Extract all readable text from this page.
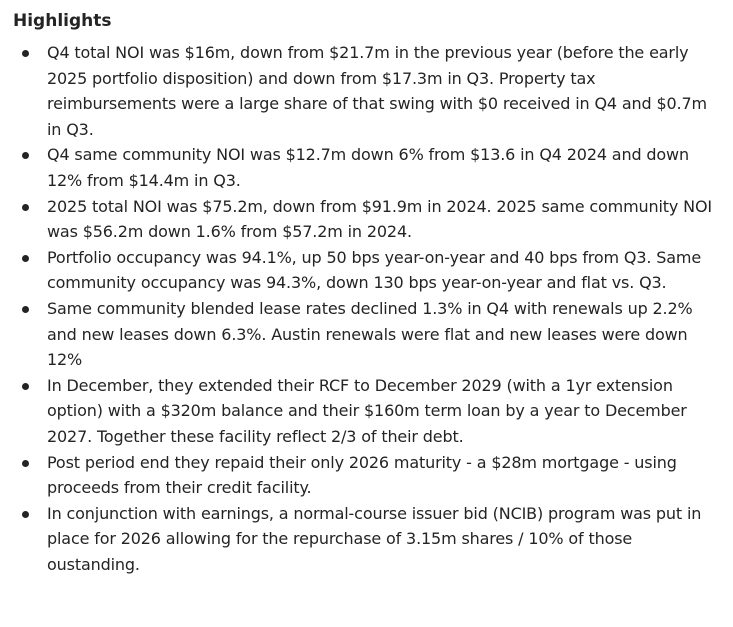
Highlights
Q4 total NOI was $16m, down from $21.7m in the previous year (before the early 2025 portfolio disposition) and down from $17.3m in Q3. Property tax reimbursements were a large share of that swing with $0 received in Q4 and $0.7m in Q3.
Q4 same community NOI was $12.7m down 6% from $13.6 in Q4 2024 and down 12% from $14.4m in Q3.
2025 total NOI was $75.2m, down from $91.9m in 2024. 2025 same community NOI was $56.2m down 1.6% from $57.2m in 2024.
Portfolio occupancy was 94.1%, up 50 bps year-on-year and 40 bps from Q3. Same community occupancy was 94.3%, down 130 bps year-on-year and flat vs. Q3.
Same community blended lease rates declined 1.3% in Q4 with renewals up 2.2% and new leases down 6.3%. Austin renewals were flat and new leases were down 12%
In December, they extended their RCF to December 2029 (with a 1yr extension option) with a $320m balance and their $160m term loan by a year to December 2027. Together these facility reflect 2/3 of their debt.
Post period end they repaid their only 2026 maturity - a $28m mortgage - using proceeds from their credit facility.
In conjunction with earnings, a normal-course issuer bid (NCIB) program was put in place for 2026 allowing for the repurchase of 3.15m shares / 10% of those oustanding.
